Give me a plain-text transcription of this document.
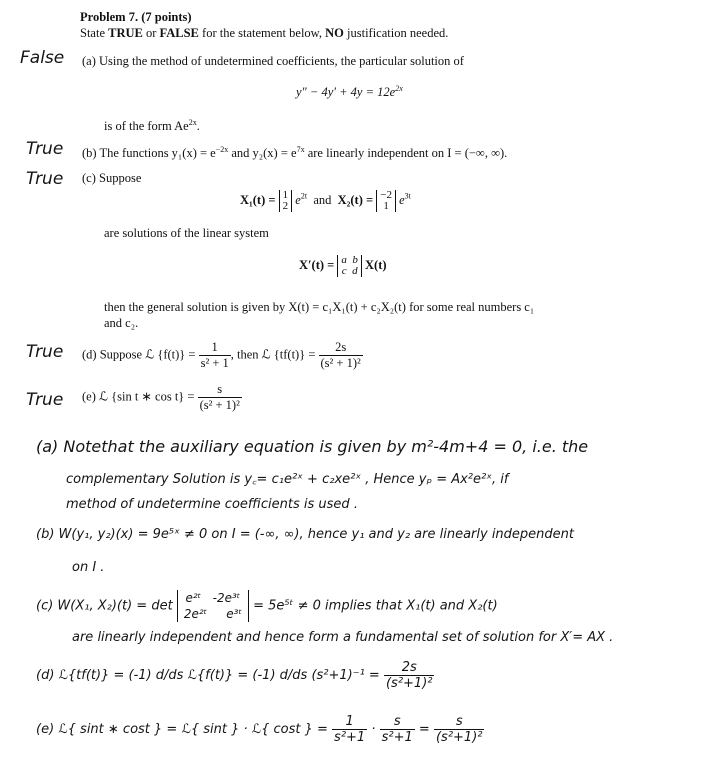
Problem 7. (7 points)
State TRUE or FALSE for the statement below, NO justification needed.
False
True
True
True
True
(a) Using the method of undetermined coefficients, the particular solution of
$y'' - 4y' + 4y = 12e^{2x}$
is of the form $Ae^{2x}$.
(b) The functions $y_1(x) = e^{-2x}$ and $y_2(x) = e^{7x}$ are linearly independent on I = (−∞, ∞).
(c) Suppose
X₁(t) = 1
2 $e^{2t}$ and X₂(t) = −2
1 $e^{3t}$
are solutions of the linear system
X′(t) = a b
c d X(t)
then the general solution is given by X(t) = c₁X₁(t) + c₂X₂(t) for some real numbers c₁
and c₂.
(d) Suppose ℒ $\{f(t)\} = \frac{1}{\text{s² + 1}}$ , then ℒ $\{tf(t)\} = \frac{2s}{\text{(s² + 1)²}}$
(e) ℒ {sin t ∗ $\cos t\} = \frac{s}{\text{(s² + 1)²}}$
(a) Notethat the auxiliary equation is given by m²-4m+4 = 0, i.e. the
complementary Solution is y꜀= c₁e²ˣ + c₂xe²ˣ , Hence yₚ = Ax²e²ˣ, if
method of undetermine coefficients is used .
(b) W(y₁, y₂)(x) = 9e⁵ˣ ≠ 0 on I = (-∞, ∞), hence y₁ and y₂ are linearly independent
on I .
(c) W(X₁, X₂)(t) = det e²ᵗ -2e³ᵗ
2e²ᵗ e³ᵗ = 5e⁵ᵗ ≠ 0 implies that X₁(t) and X₂(t)
are linearly independent and hence form a fundamental set of solution for X′= AX .
(d) ℒ{tf(t)} = (-1) d/ds ℒ{f(t)} = (-1) d/ds $(s^2+1)^{-1} = \frac{2s}{\text{(s²+1)²}}$
(e) ℒ{ sint ∗ cost } = ℒ{ sint } · ℒ{ cost } = $\frac{1}{\text{s²+1}} \cdot \frac{s}{\text{s²+1}} = \frac{s}{\text{(s²+1)²}}$
